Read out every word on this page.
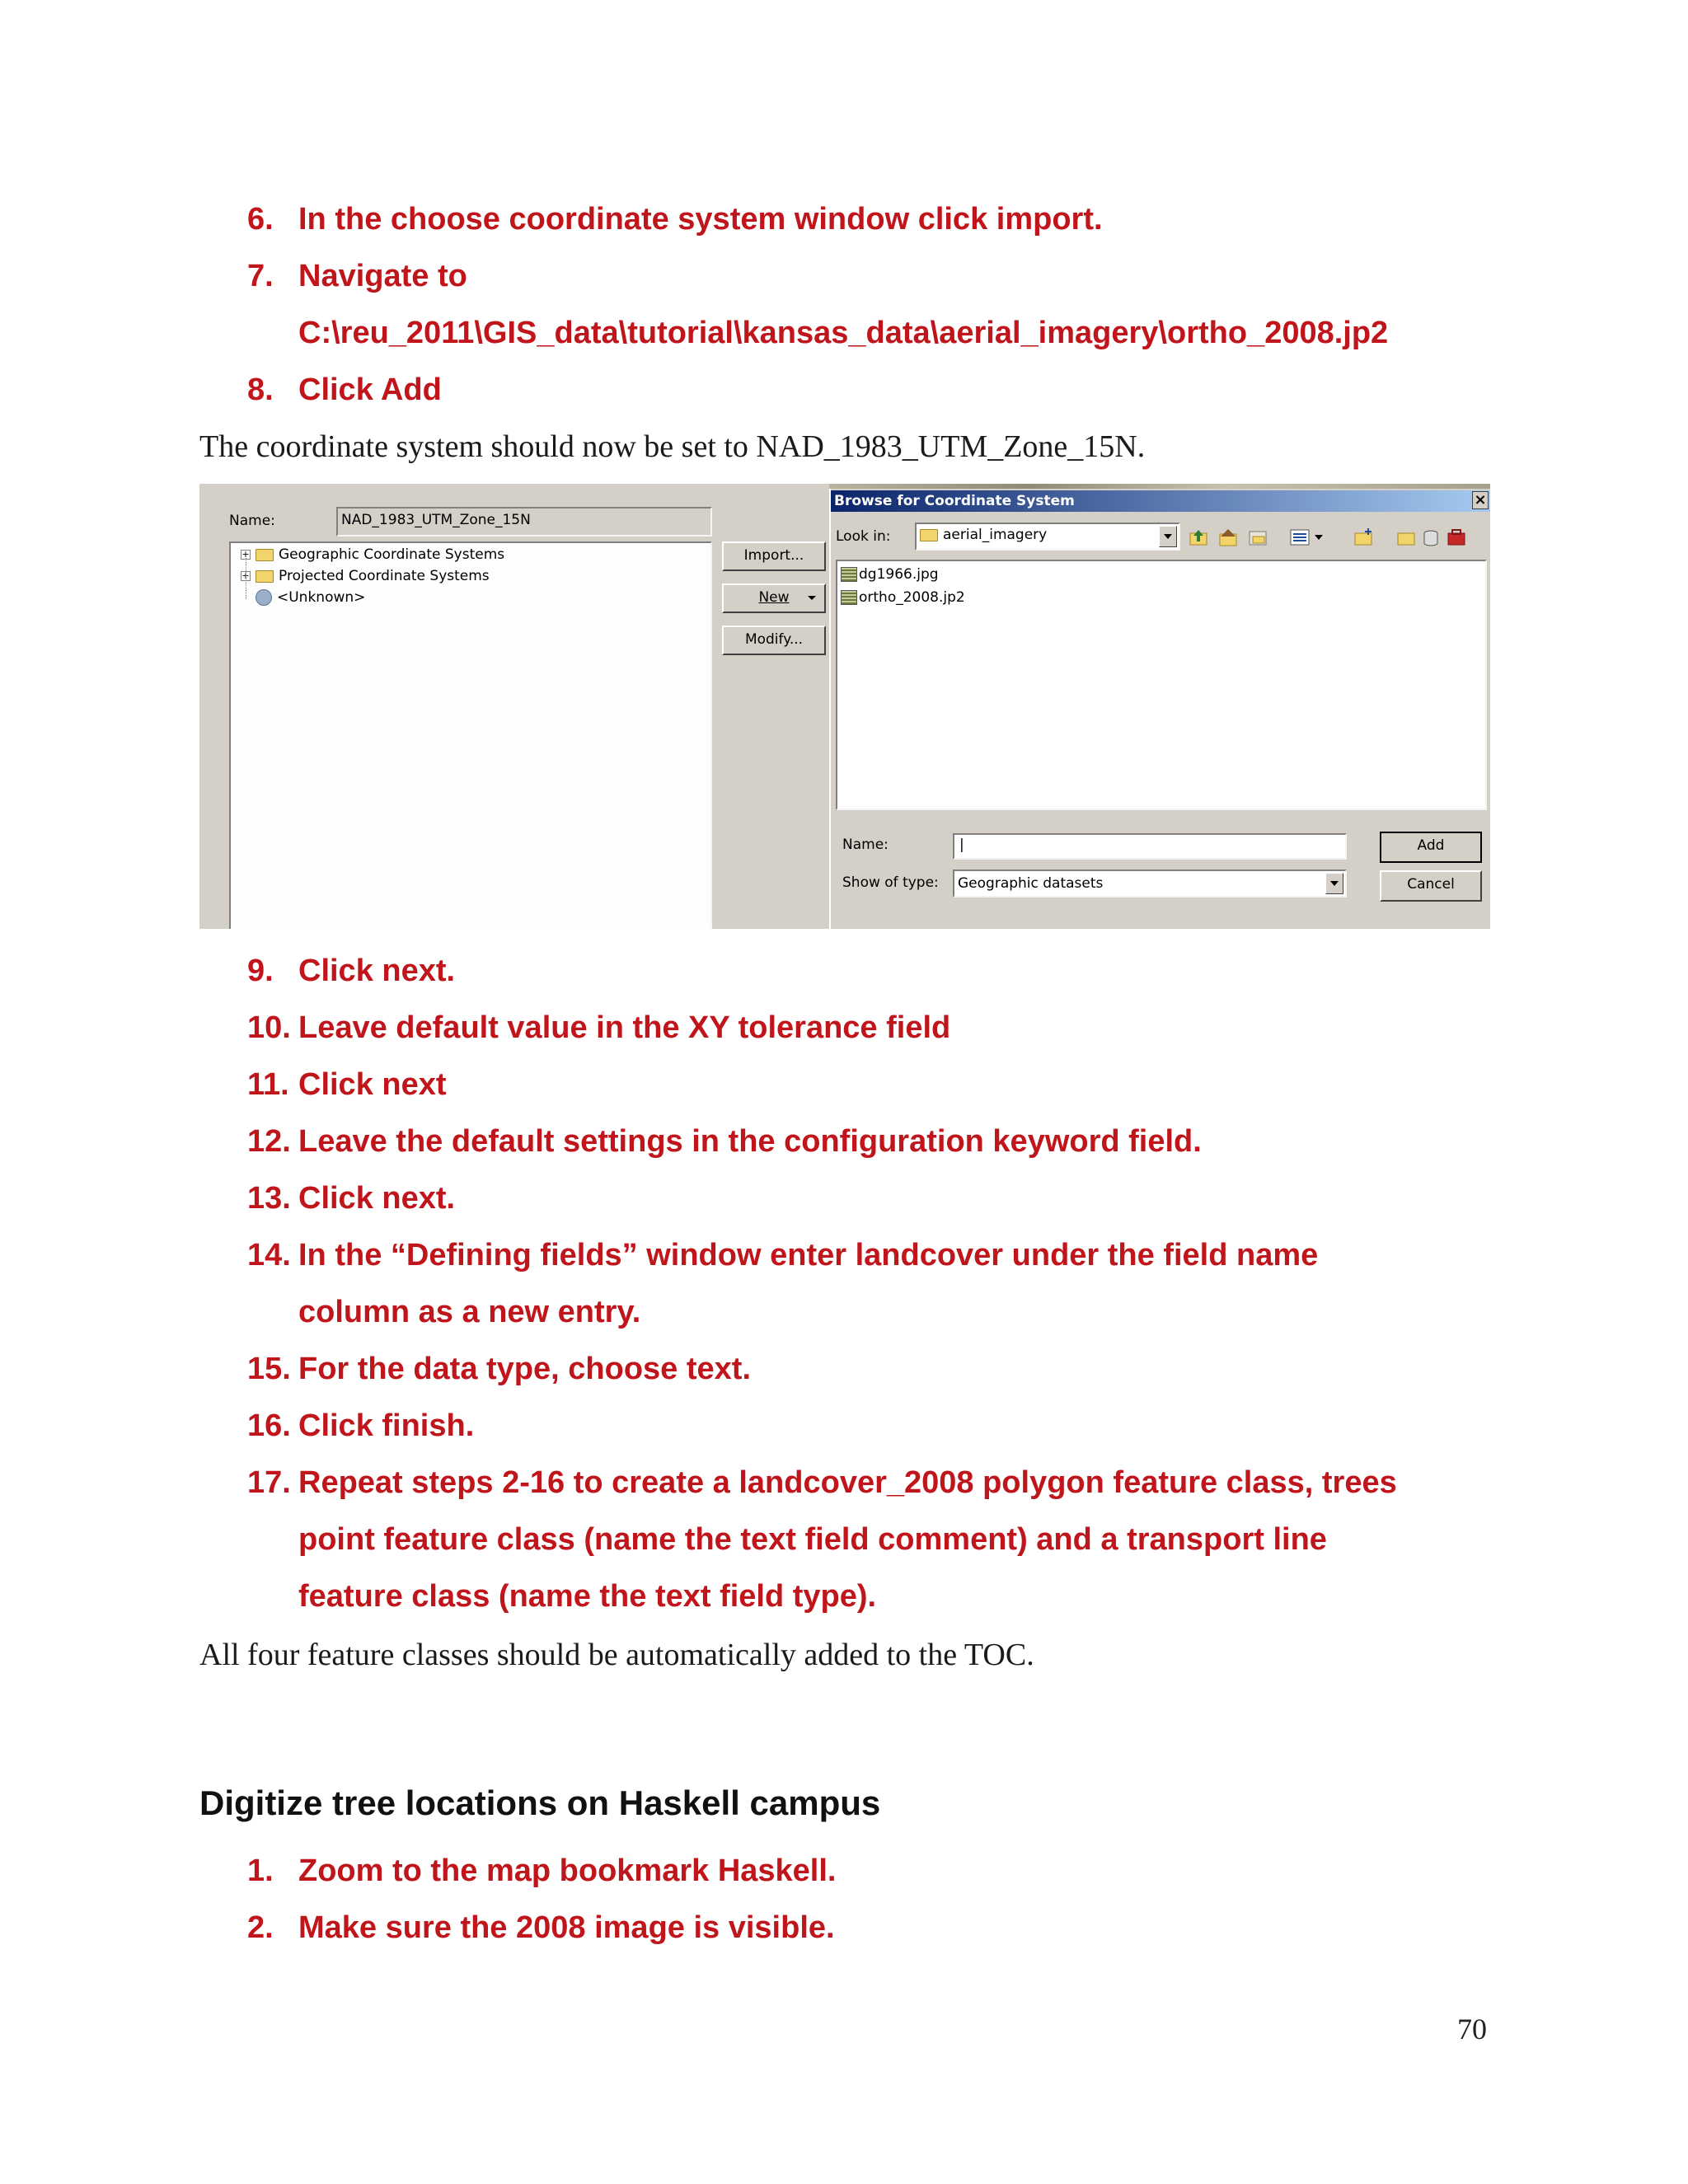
6. In the choose coordinate system window click import.
7. Navigate to
C:\reu_2011\GIS_data\tutorial\kansas_data\aerial_imagery\ortho_2008.jp2
8. Click Add
The coordinate system should now be set to NAD_1983_UTM_Zone_15N.
Name:	NAD_1983_UTM_Zone_15N
+ Geographic Coordinate Systems
+ Projected Coordinate Systems
<Unknown>
Import...
New
Modify...
Browse for Coordinate System	×
Look in:	aerial_imagery
dg1966.jpg
ortho_2008.jp2
Name:	|
Show of type:	Geographic datasets
Add
Cancel
9. Click next.
10. Leave default value in the XY tolerance field
11. Click next
12. Leave the default settings in the configuration keyword field.
13. Click next.
14. In the “Defining fields” window enter landcover under the field name
column as a new entry.
15. For the data type, choose text.
16. Click finish.
17. Repeat steps 2-16 to create a landcover_2008 polygon feature class, trees
point feature class (name the text field comment) and a transport line
feature class (name the text field type).
All four feature classes should be automatically added to the TOC.
Digitize tree locations on Haskell campus
1. Zoom to the map bookmark Haskell.
2. Make sure the 2008 image is visible.
70
